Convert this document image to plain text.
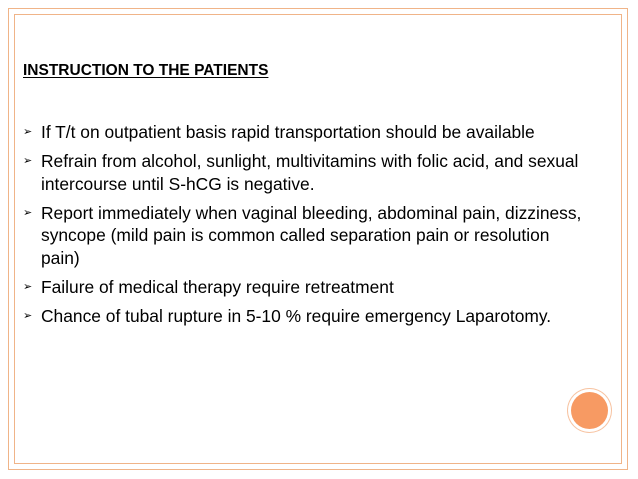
INSTRUCTION TO THE PATIENTS
➢ If T/t on outpatient basis rapid transportation should be available
➢ Refrain from alcohol, sunlight, multivitamins with folic acid, and sexual intercourse until S-hCG is negative.
➢ Report immediately when vaginal bleeding, abdominal pain, dizziness, syncope (mild pain is common called separation pain or resolution pain)
➢ Failure of medical therapy require retreatment
➢ Chance of tubal rupture in 5-10 % require emergency Laparotomy.
